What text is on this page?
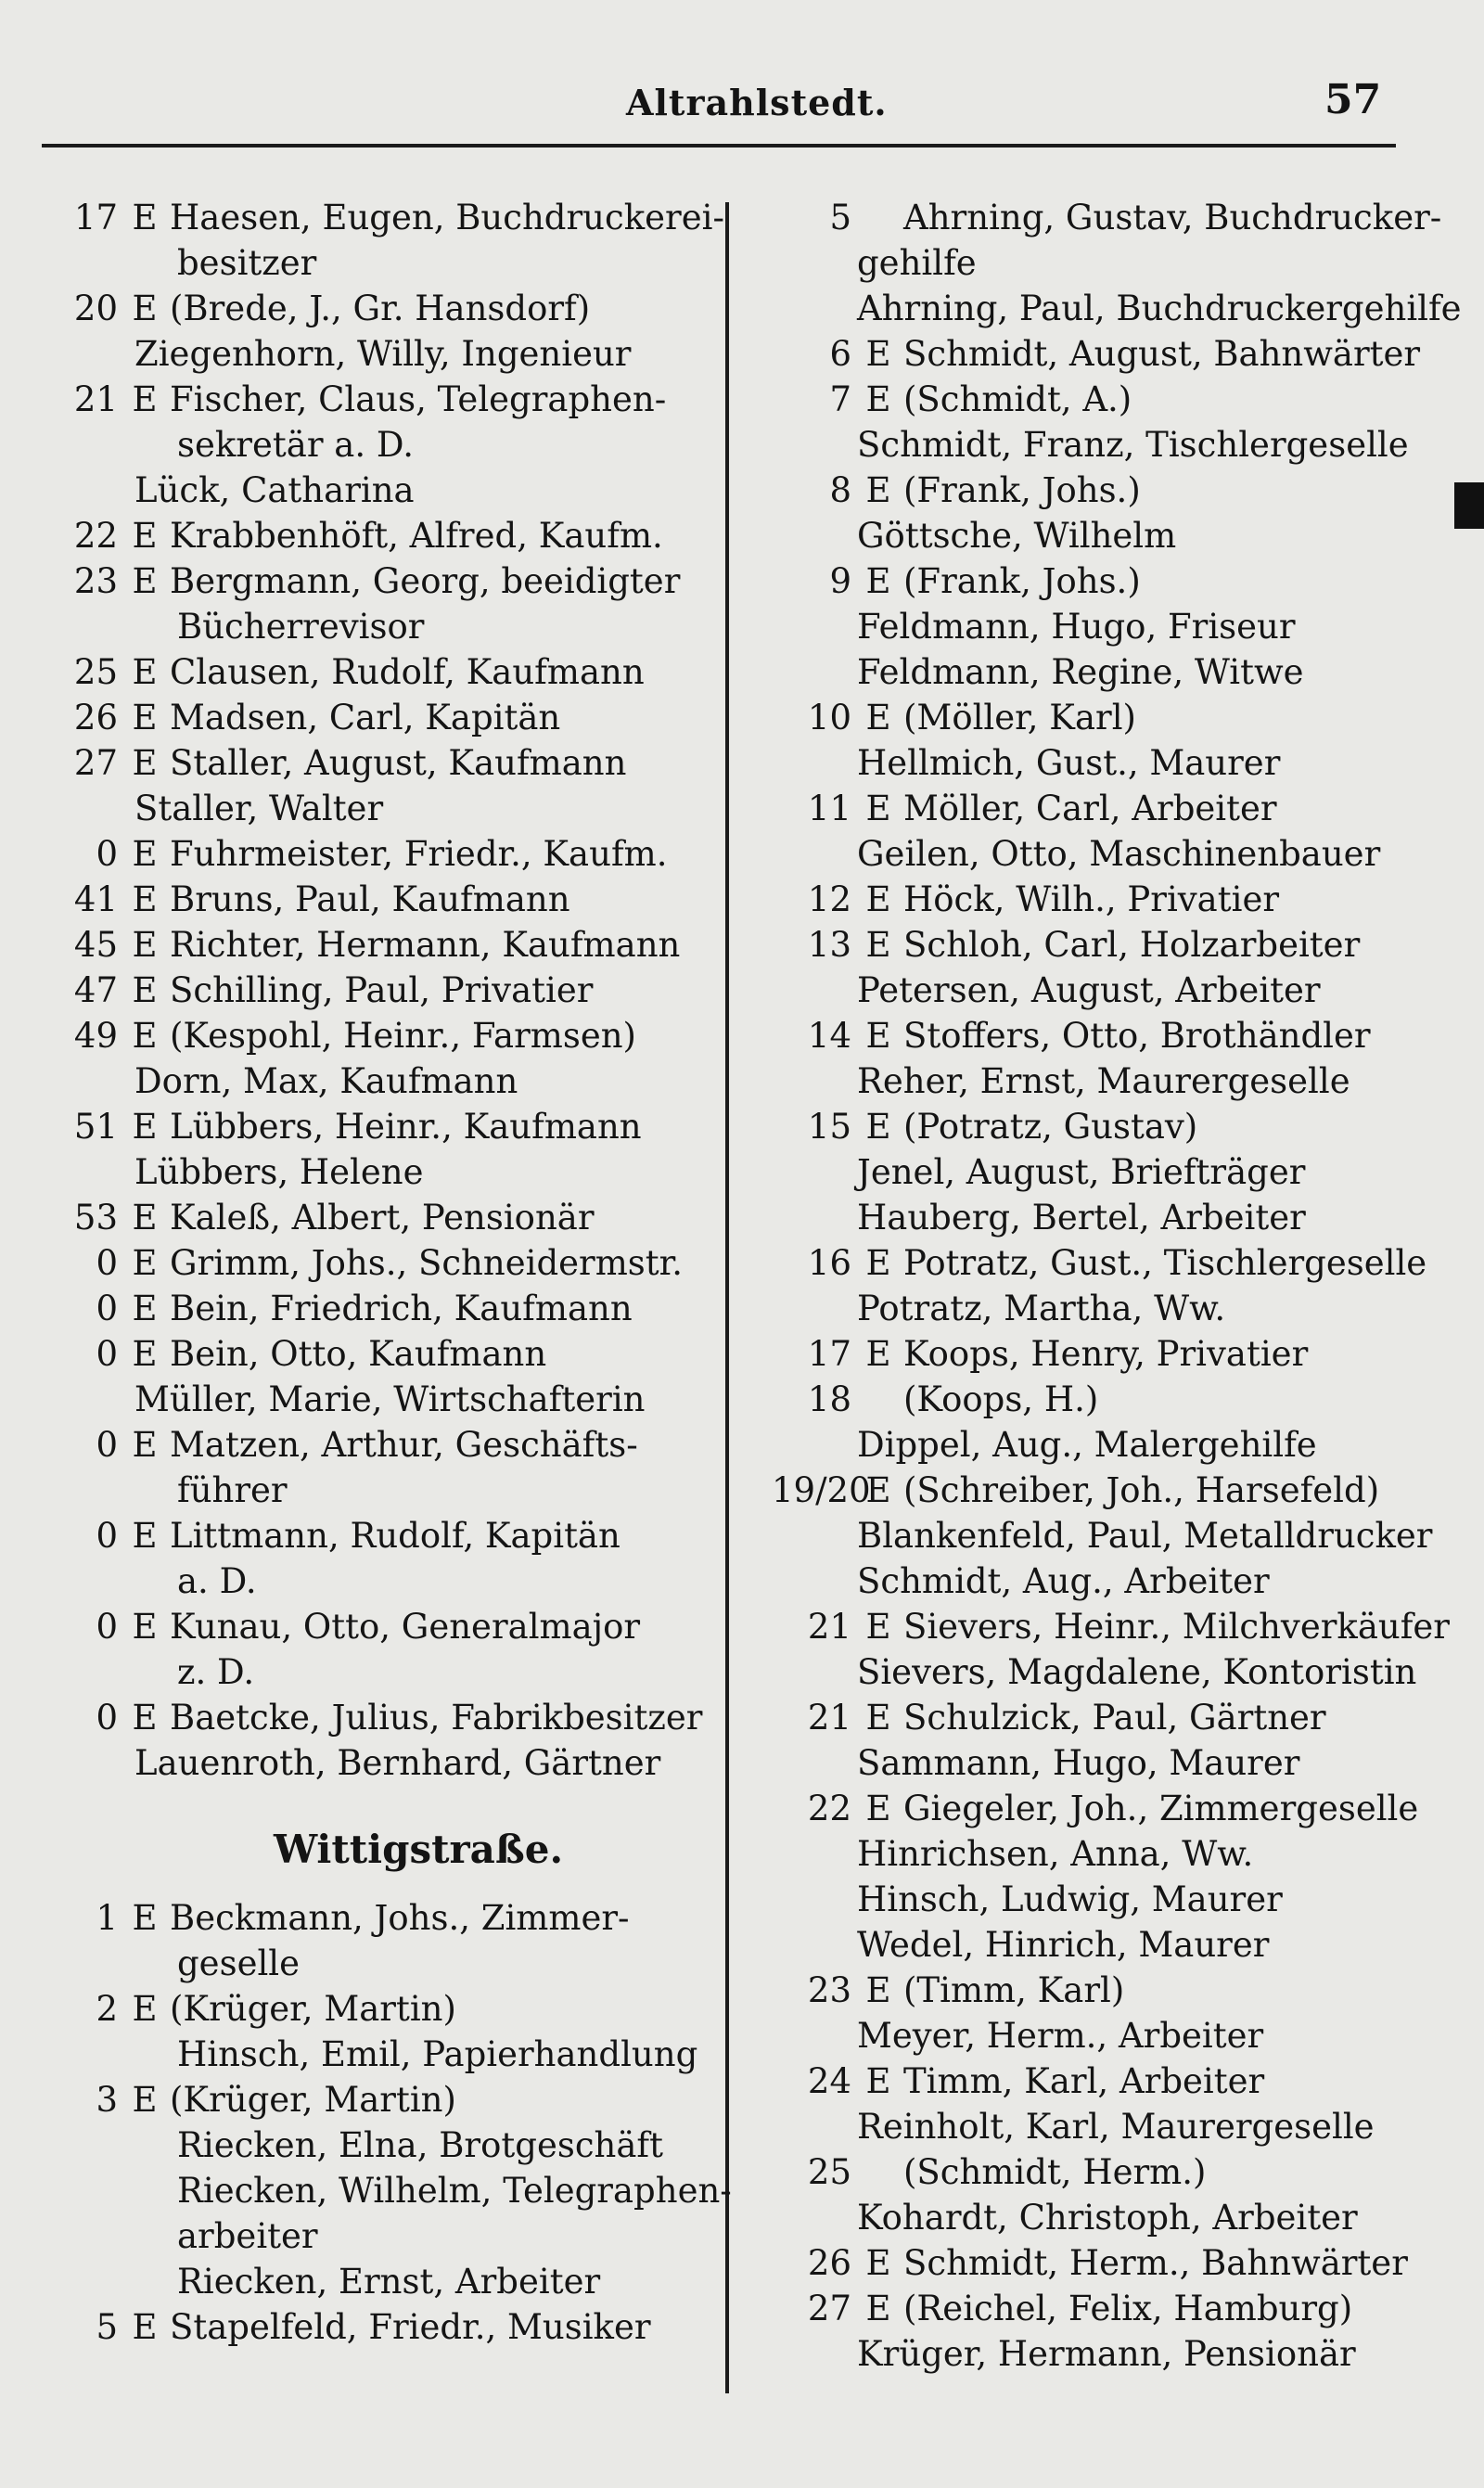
Altrahlstedt.	57
17 E Haesen, Eugen, Buchdruckerei-
besitzer
20 E (Brede, J., Gr. Hansdorf)
Ziegenhorn, Willy, Ingenieur
21 E Fischer, Claus, Telegraphen-
sekretär a. D.
Lück, Catharina
22 E Krabbenhöft, Alfred, Kaufm.
23 E Bergmann, Georg, beeidigter
Bücherrevisor
25 E Clausen, Rudolf, Kaufmann
26 E Madsen, Carl, Kapitän
27 E Staller, August, Kaufmann
Staller, Walter
0 E Fuhrmeister, Friedr., Kaufm.
41 E Bruns, Paul, Kaufmann
45 E Richter, Hermann, Kaufmann
47 E Schilling, Paul, Privatier
49 E (Kespohl, Heinr., Farmsen)
Dorn, Max, Kaufmann
51 E Lübbers, Heinr., Kaufmann
Lübbers, Helene
53 E Kaleß, Albert, Pensionär
0 E Grimm, Johs., Schneidermstr.
0 E Bein, Friedrich, Kaufmann
0 E Bein, Otto, Kaufmann
Müller, Marie, Wirtschafterin
0 E Matzen, Arthur, Geschäfts-
führer
0 E Littmann, Rudolf, Kapitän
a. D.
0 E Kunau, Otto, Generalmajor
z. D.
0 E Baetcke, Julius, Fabrikbesitzer
Lauenroth, Bernhard, Gärtner
Wittigstraße.
1 E Beckmann, Johs., Zimmer-
geselle
2 E (Krüger, Martin)
Hinsch, Emil, Papierhandlung
3 E (Krüger, Martin)
Riecken, Elna, Brotgeschäft
Riecken, Wilhelm, Telegraphen-
arbeiter
Riecken, Ernst, Arbeiter
5 E Stapelfeld, Friedr., Musiker
5 Ahrning, Gustav, Buchdrucker-
gehilfe
Ahrning, Paul, Buchdruckergehilfe
6 E Schmidt, August, Bahnwärter
7 E (Schmidt, A.)
Schmidt, Franz, Tischlergeselle
8 E (Frank, Johs.)
Göttsche, Wilhelm
9 E (Frank, Johs.)
Feldmann, Hugo, Friseur
Feldmann, Regine, Witwe
10 E (Möller, Karl)
Hellmich, Gust., Maurer
11 E Möller, Carl, Arbeiter
Geilen, Otto, Maschinenbauer
12 E Höck, Wilh., Privatier
13 E Schloh, Carl, Holzarbeiter
Petersen, August, Arbeiter
14 E Stoffers, Otto, Brothändler
Reher, Ernst, Maurergeselle
15 E (Potratz, Gustav)
Jenel, August, Briefträger
Hauberg, Bertel, Arbeiter
16 E Potratz, Gust., Tischlergeselle
Potratz, Martha, Ww.
17 E Koops, Henry, Privatier
18 (Koops, H.)
Dippel, Aug., Malergehilfe
19/20
E (Schreiber, Joh., Harsefeld)
Blankenfeld, Paul, Metalldrucker
Schmidt, Aug., Arbeiter
21 E Sievers, Heinr., Milchverkäufer
Sievers, Magdalene, Kontoristin
21 E Schulzick, Paul, Gärtner
Sammann, Hugo, Maurer
22 E Giegeler, Joh., Zimmergeselle
Hinrichsen, Anna, Ww.
Hinsch, Ludwig, Maurer
Wedel, Hinrich, Maurer
23 E (Timm, Karl)
Meyer, Herm., Arbeiter
24 E Timm, Karl, Arbeiter
Reinholt, Karl, Maurergeselle
25 (Schmidt, Herm.)
Kohardt, Christoph, Arbeiter
26 E Schmidt, Herm., Bahnwärter
27 E (Reichel, Felix, Hamburg)
Krüger, Hermann, Pensionär
